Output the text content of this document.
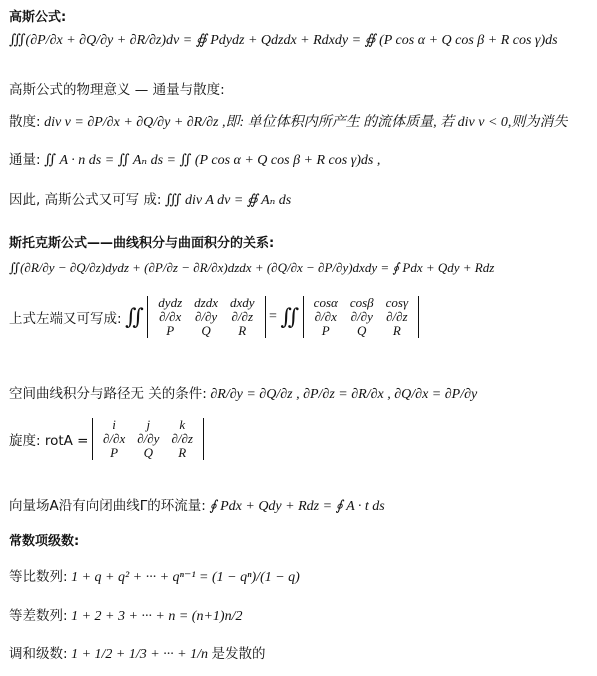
高斯公式:
∭(∂P/∂x + ∂Q/∂y + ∂R/∂z)dv = ∯ Pdydz + Qdzdx + Rdxdy = ∯ (P cos α + Q cos β + R cos γ)ds
高斯公式的物理意义 — 通量与散度:
散度: div v = ∂P/∂x + ∂Q/∂y + ∂R/∂z ,即: 单位体积内所产生 的流体质量, 若 div v < 0,则为消失
通量: ∬ A · n ds = ∬ Aₙ ds = ∬ (P cos α + Q cos β + R cos γ)ds ,
因此, 高斯公式又可写 成: ∭ div A dv = ∯ Aₙ ds
斯托克斯公式——曲线积分与曲面积分的关系:
∬(∂R/∂y − ∂Q/∂z)dydz + (∂P/∂z − ∂R/∂x)dzdx + (∂Q/∂x − ∂P/∂y)dxdy = ∮ Pdx + Qdy + Rdz
上式左端又可写成: ∬
dydz	dzdx	dxdy
∂/∂x	∂/∂y	∂/∂z
P	Q	R
= ∬
cosα	cosβ	cosγ
∂/∂x	∂/∂y	∂/∂z
P	Q	R
空间曲线积分与路径无 关的条件: ∂R/∂y = ∂Q/∂z , ∂P/∂z = ∂R/∂x , ∂Q/∂x = ∂P/∂y
旋度: rotA =
i	j	k
∂/∂x	∂/∂y	∂/∂z
P	Q	R
向量场A沿有向闭曲线Γ的环流量: ∮ Pdx + Qdy + Rdz = ∮ A · t ds
常数项级数:
等比数列: 1 + q + q² + ··· + qⁿ⁻¹ = (1 − qⁿ)/(1 − q)
等差数列: 1 + 2 + 3 + ··· + n = (n+1)n/2
调和级数: 1 + 1/2 + 1/3 + ··· + 1/n 是发散的
